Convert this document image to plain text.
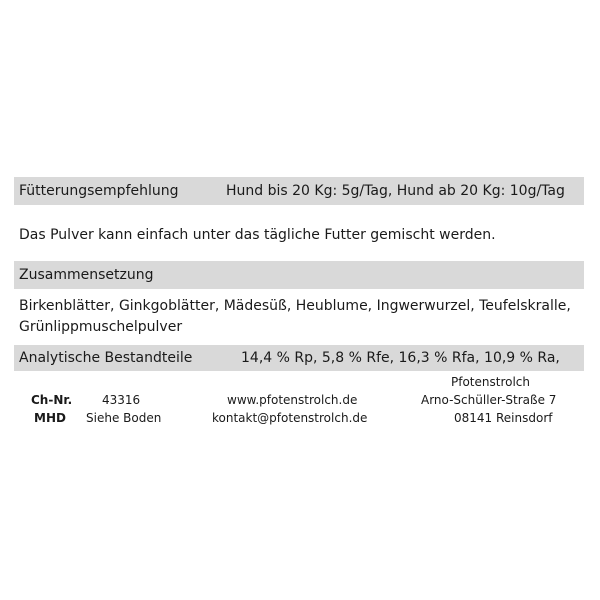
Fütterungsempfehlung	Hund bis 20 Kg: 5g/Tag, Hund ab 20 Kg: 10g/Tag
Das Pulver kann einfach unter das tägliche Futter gemischt werden.
Zusammensetzung
Birkenblätter, Ginkgoblätter, Mädesüß, Heublume, Ingwerwurzel, Teufelskralle,
Grünlippmuschelpulver
Analytische Bestandteile	14,4 % Rp, 5,8 % Rfe, 16,3 % Rfa, 10,9 % Ra,
Pfotenstrolch
Ch-Nr. 43316	www.pfotenstrolch.de	Arno-Schüller-Straße 7
MHD Siehe Boden	kontakt@pfotenstrolch.de	08141 Reinsdorf
